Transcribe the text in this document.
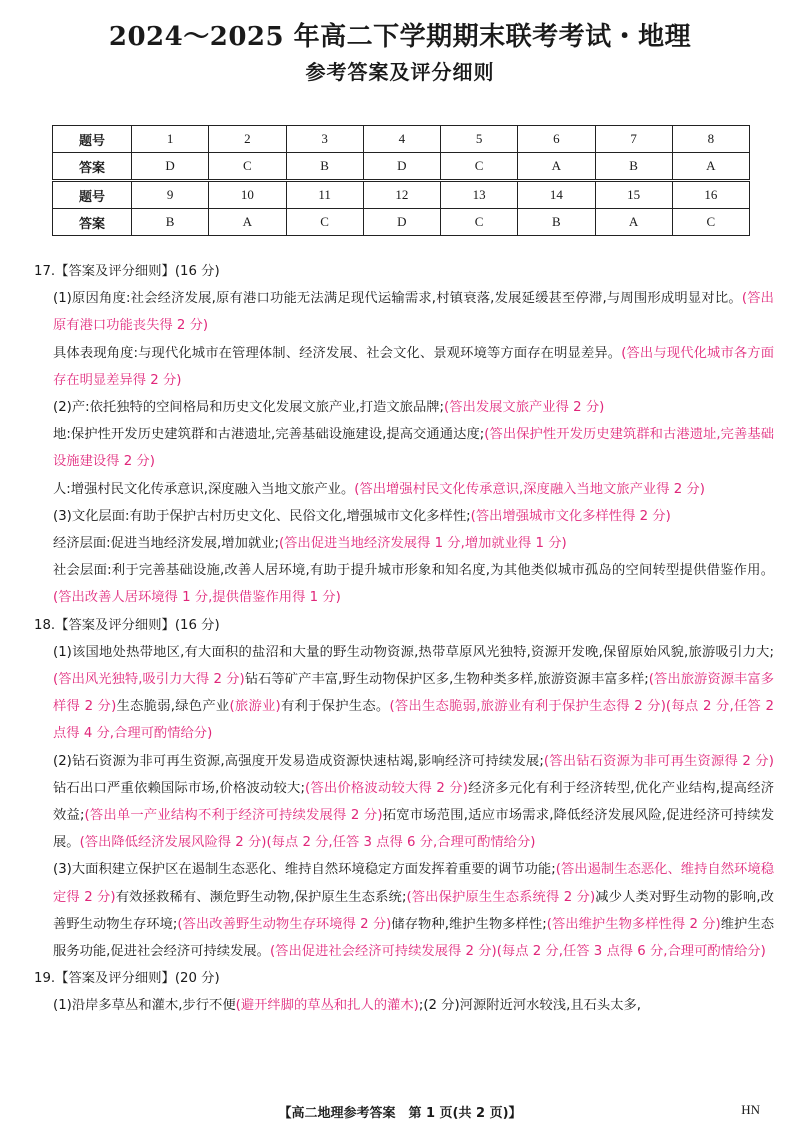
2024～2025 年高二下学期期末联考考试・地理
参考答案及评分细则
题号	1	2	3	4	5	6	7	8
答案	D	C	B	D	C	A	B	A
题号	9	10	11	12	13	14	15	16
答案	B	A	C	D	C	B	A	C
17.【答案及评分细则】(16 分)
(1)原因角度:社会经济发展,原有港口功能无法满足现代运输需求,村镇衰落,发展延缓甚至停滞,与周围形成明显对比。(答出原有港口功能丧失得 2 分)
具体表现角度:与现代化城市在管理体制、经济发展、社会文化、景观环境等方面存在明显差异。(答出与现代化城市各方面存在明显差异得 2 分)
(2)产:依托独特的空间格局和历史文化发展文旅产业,打造文旅品牌;(答出发展文旅产业得 2 分)
地:保护性开发历史建筑群和古港遗址,完善基础设施建设,提高交通通达度;(答出保护性开发历史建筑群和古港遗址,完善基础设施建设得 2 分)
人:增强村民文化传承意识,深度融入当地文旅产业。(答出增强村民文化传承意识,深度融入当地文旅产业得 2 分)
(3)文化层面:有助于保护古村历史文化、民俗文化,增强城市文化多样性;(答出增强城市文化多样性得 2 分)
经济层面:促进当地经济发展,增加就业;(答出促进当地经济发展得 1 分,增加就业得 1 分)
社会层面:利于完善基础设施,改善人居环境,有助于提升城市形象和知名度,为其他类似城市孤岛的空间转型提供借鉴作用。(答出改善人居环境得 1 分,提供借鉴作用得 1 分)
18.【答案及评分细则】(16 分)
(1)该国地处热带地区,有大面积的盐沼和大量的野生动物资源,热带草原风光独特,资源开发晚,保留原始风貌,旅游吸引力大;(答出风光独特,吸引力大得 2 分)钻石等矿产丰富,野生动物保护区多,生物种类多样,旅游资源丰富多样;(答出旅游资源丰富多样得 2 分)生态脆弱,绿色产业(旅游业)有利于保护生态。(答出生态脆弱,旅游业有利于保护生态得 2 分)(每点 2 分,任答 2 点得 4 分,合理可酌情给分)
(2)钻石资源为非可再生资源,高强度开发易造成资源快速枯竭,影响经济可持续发展;(答出钻石资源为非可再生资源得 2 分)钻石出口严重依赖国际市场,价格波动较大;(答出价格波动较大得 2 分)经济多元化有利于经济转型,优化产业结构,提高经济效益;(答出单一产业结构不利于经济可持续发展得 2 分)拓宽市场范围,适应市场需求,降低经济发展风险,促进经济可持续发展。(答出降低经济发展风险得 2 分)(每点 2 分,任答 3 点得 6 分,合理可酌情给分)
(3)大面积建立保护区在遏制生态恶化、维持自然环境稳定方面发挥着重要的调节功能;(答出遏制生态恶化、维持自然环境稳定得 2 分)有效拯救稀有、濒危野生动物,保护原生生态系统;(答出保护原生生态系统得 2 分)减少人类对野生动物的影响,改善野生动物生存环境;(答出改善野生动物生存环境得 2 分)储存物种,维护生物多样性;(答出维护生物多样性得 2 分)维护生态服务功能,促进社会经济可持续发展。(答出促进社会经济可持续发展得 2 分)(每点 2 分,任答 3 点得 6 分,合理可酌情给分)
19.【答案及评分细则】(20 分)
(1)沿岸多草丛和灌木,步行不便(避开绊脚的草丛和扎人的灌木);(2 分)河源附近河水较浅,且石头太多,
【高二地理参考答案　第 1 页(共 2 页)】	HN
